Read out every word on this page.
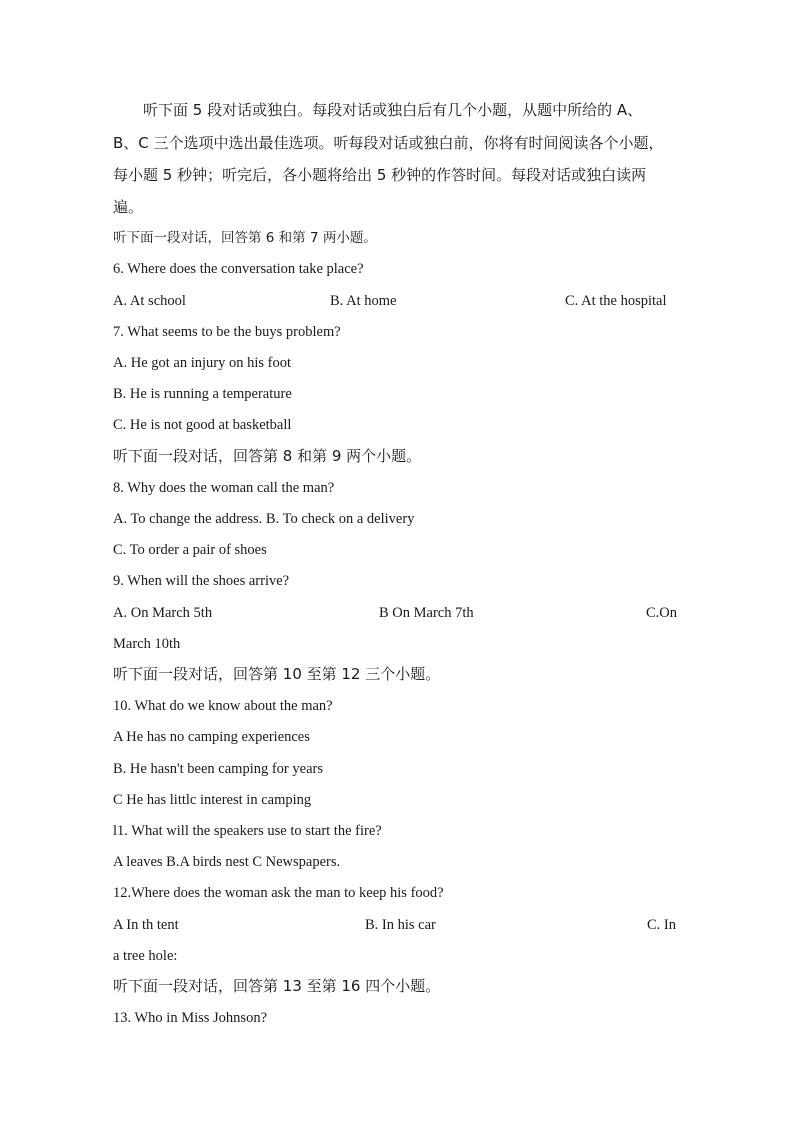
听下面 5 段对话或独白。每段对话或独白后有几个小题，从题中所给的 A、
B、C 三个选项中选出最佳选项。听每段对话或独白前，你将有时间阅读各个小题，
每小题 5 秒钟；听完后，各小题将给出 5 秒钟的作答时间。每段对话或独白读两
遍。
听下面一段对话，回答第 6 和第 7 两小题。
6. Where does the conversation take place?
A. At school	B. At home	C. At the hospital
7. What seems to be the buys problem?
A. He got an injury on his foot
B. He is running a temperature
C. He is not good at basketball
听下面一段对话，回答第 8 和第 9 两个小题。
8. Why does the woman call the man?
A. To change the address. B. To check on a delivery
C. To order a pair of shoes
9. When will the shoes arrive?
A. On March 5th	B On March 7th	C.On
March 10th
听下面一段对话，回答第 10 至第 12 三个小题。
10. What do we know about the man?
A He has no camping experiences
B. He hasn't been camping for years
C He has littlc interest in camping
l1. What will the speakers use to start the fire?
A leaves B.A birds nest C Newspapers.
12.Where does the woman ask the man to keep his food?
A In th tent	B. In his car	C. In
a tree hole:
听下面一段对话，回答第 13 至第 16 四个小题。
13. Who in Miss Johnson?
